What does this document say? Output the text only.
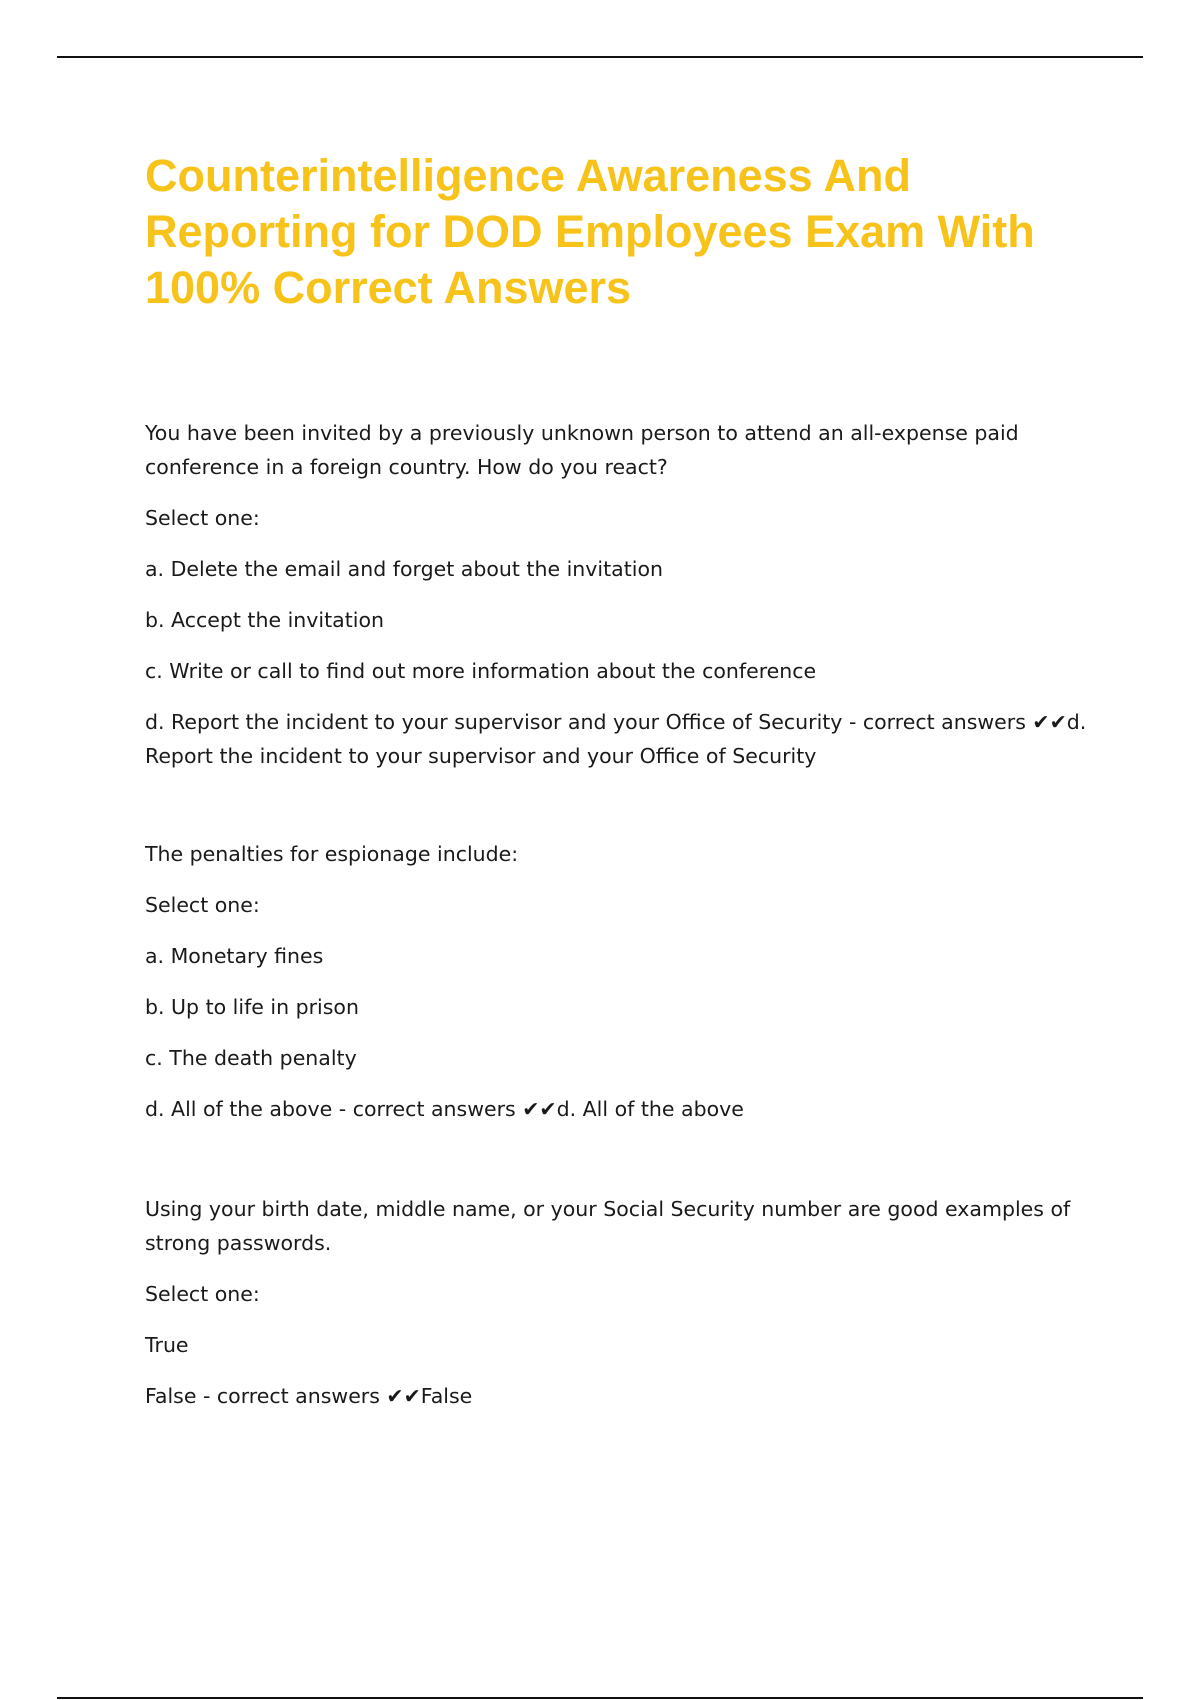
Counterintelligence Awareness And Reporting for DOD Employees Exam With 100% Correct Answers

You have been invited by a previously unknown person to attend an all-expense paid conference in a foreign country. How do you react?

Select one:

a. Delete the email and forget about the invitation

b. Accept the invitation

c. Write or call to find out more information about the conference

d. Report the incident to your supervisor and your Office of Security - correct answers ✔✔d. Report the incident to your supervisor and your Office of Security

The penalties for espionage include:

Select one:

a. Monetary fines

b. Up to life in prison

c. The death penalty

d. All of the above - correct answers ✔✔d. All of the above

Using your birth date, middle name, or your Social Security number are good examples of strong passwords.

Select one:

True

False - correct answers ✔✔False
